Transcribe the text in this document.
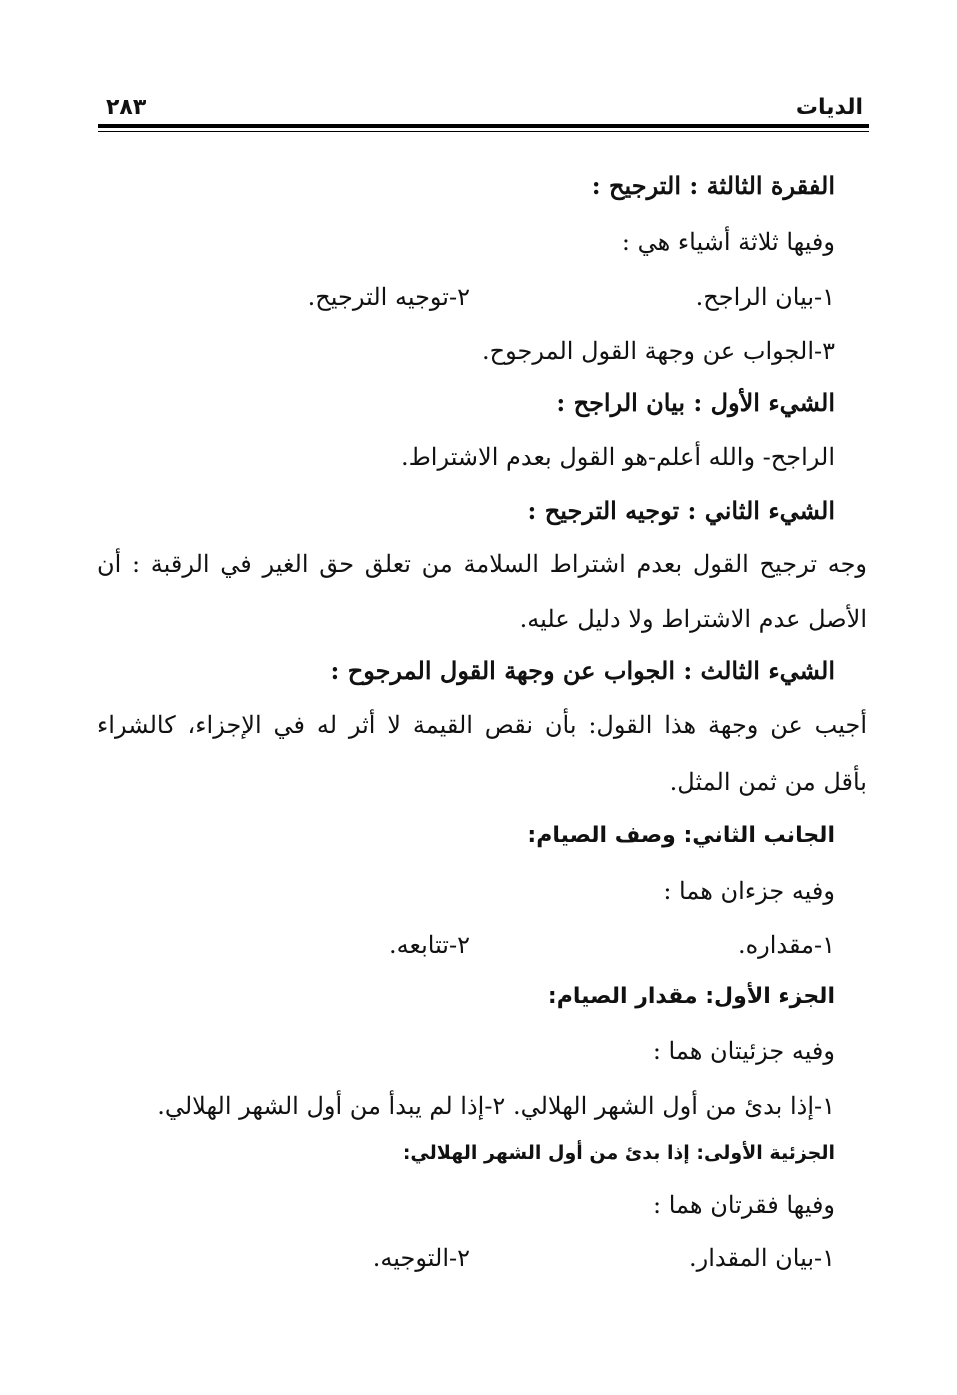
الديات
٢٨٣
الفقرة الثالثة : الترجيح :
وفيها ثلاثة أشياء هي :
١-بيان الراجح.
٢-توجيه الترجيح.
٣-الجواب عن وجهة القول المرجوح.
الشيء الأول : بيان الراجح :
الراجح- والله أعلم-هو القول بعدم الاشتراط.
الشيء الثاني : توجيه الترجيح :
وجه ترجيح القول بعدم اشتراط السلامة من تعلق حق الغير في الرقبة : أن
الأصل عدم الاشتراط ولا دليل عليه.
الشيء الثالث : الجواب عن وجهة القول المرجوح :
أجيب عن وجهة هذا القول: بأن نقص القيمة لا أثر له في الإجزاء، كالشراء
بأقل من ثمن المثل.
الجانب الثاني: وصف الصيام:
وفيه جزءان هما :
١-مقداره.
٢-تتابعه.
الجزء الأول: مقدار الصيام:
وفيه جزئيتان هما :
١-إذا بدئ من أول الشهر الهلالي. ٢-إذا لم يبدأ من أول الشهر الهلالي.
الجزئية الأولى: إذا بدئ من أول الشهر الهلالي:
وفيها فقرتان هما :
١-بيان المقدار.
٢-التوجيه.
